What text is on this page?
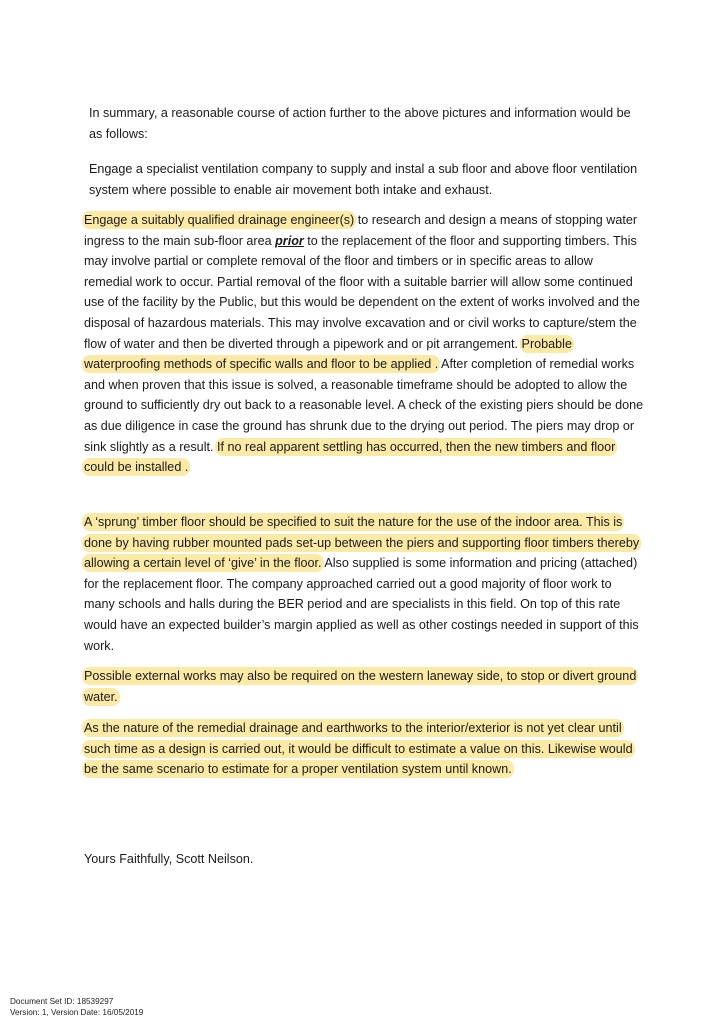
In summary, a reasonable course of action further to the above pictures and information would be as follows:

Engage a specialist ventilation company to supply and instal a sub floor and above floor ventilation system where possible to enable air movement both intake and exhaust.

Engage a suitably qualified drainage engineer(s) to research and design a means of stopping water ingress to the main sub-floor area prior to the replacement of the floor and supporting timbers. This may involve partial or complete removal of the floor and timbers or in specific areas to allow remedial work to occur. Partial removal of the floor with a suitable barrier will allow some continued use of the facility by the Public, but this would be dependent on the extent of works involved and the disposal of hazardous materials. This may involve excavation and or civil works to capture/stem the flow of water and then be diverted through a pipework and or pit arrangement. Probable waterproofing methods of specific walls and floor to be applied . After completion of remedial works and when proven that this issue is solved, a reasonable timeframe should be adopted to allow the ground to sufficiently dry out back to a reasonable level. A check of the existing piers should be done as due diligence in case the ground has shrunk due to the drying out period. The piers may drop or sink slightly as a result. If no real apparent settling has occurred, then the new timbers and floor could be installed .

A ‘sprung’ timber floor should be specified to suit the nature for the use of the indoor area. This is done by having rubber mounted pads set-up between the piers and supporting floor timbers thereby allowing a certain level of ‘give’ in the floor. Also supplied is some information and pricing (attached) for the replacement floor. The company approached carried out a good majority of floor work to many schools and halls during the BER period and are specialists in this field. On top of this rate would have an expected builder’s margin applied as well as other costings needed in support of this work.

Possible external works may also be required on the western laneway side, to stop or divert ground water.

As the nature of the remedial drainage and earthworks to the interior/exterior is not yet clear until such time as a design is carried out, it would be difficult to estimate a value on this. Likewise would be the same scenario to estimate for a proper ventilation system until known.

Yours Faithfully, Scott Neilson.

Document Set ID: 18539297
Version: 1, Version Date: 16/05/2019
